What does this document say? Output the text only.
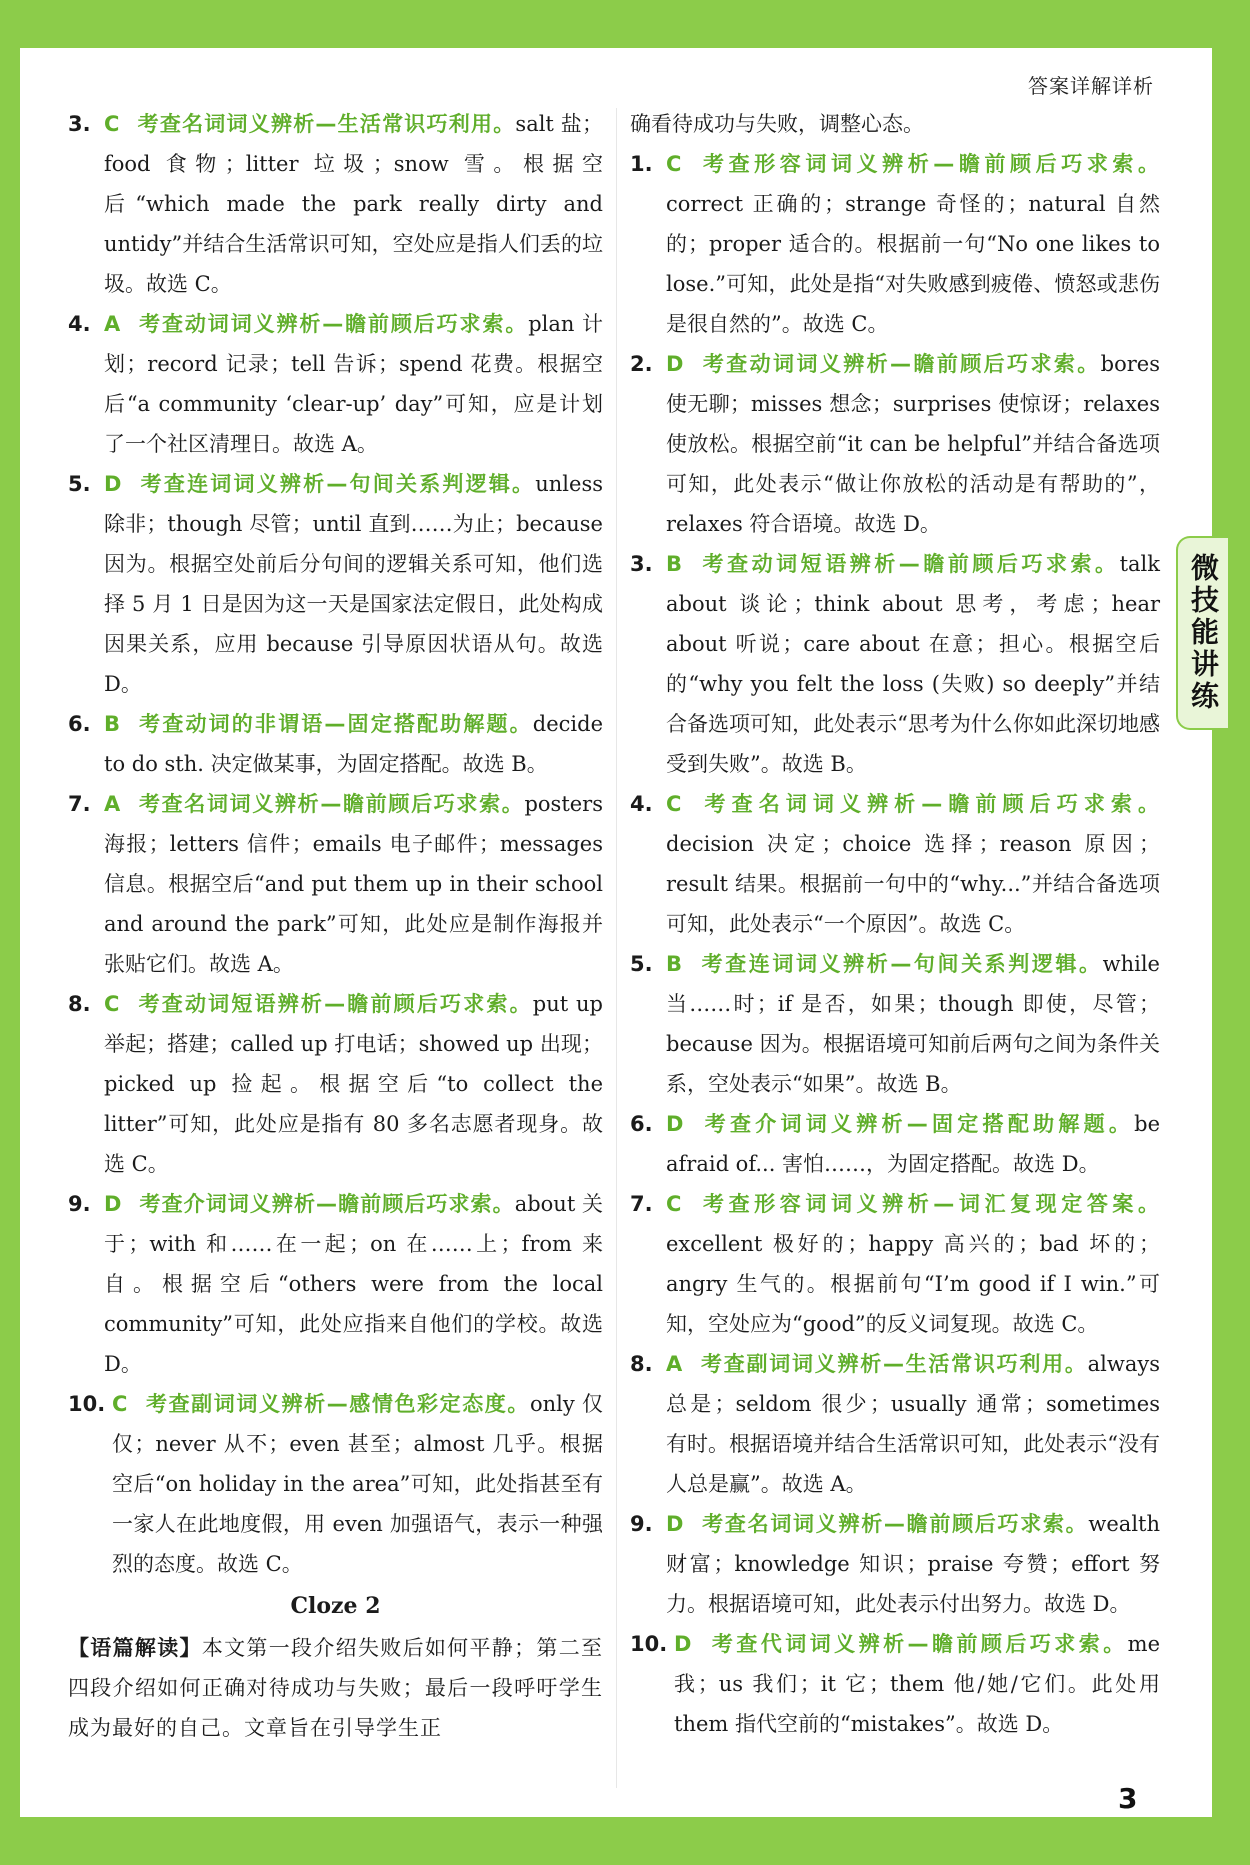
答案详解详析
微技能讲练
3. C 考查名词词义辨析—生活常识巧利用。salt 盐；food 食物；litter 垃圾；snow 雪。根据空后“which made the park really dirty and untidy”并结合生活常识可知，空处应是指人们丢的垃圾。故选 C。
4. A 考查动词词义辨析—瞻前顾后巧求索。plan 计划；record 记录；tell 告诉；spend 花费。根据空后“a community ‘clear-up’ day”可知，应是计划了一个社区清理日。故选 A。
5. D 考查连词词义辨析—句间关系判逻辑。unless 除非；though 尽管；until 直到……为止；because 因为。根据空处前后分句间的逻辑关系可知，他们选择 5 月 1 日是因为这一天是国家法定假日，此处构成因果关系，应用 because 引导原因状语从句。故选 D。
6. B 考查动词的非谓语—固定搭配助解题。decide to do sth. 决定做某事，为固定搭配。故选 B。
7. A 考查名词词义辨析—瞻前顾后巧求索。posters 海报；letters 信件；emails 电子邮件；messages 信息。根据空后“and put them up in their school and around the park”可知，此处应是制作海报并张贴它们。故选 A。
8. C 考查动词短语辨析—瞻前顾后巧求索。put up 举起；搭建；called up 打电话；showed up 出现；picked up 捡起。根据空后“to collect the litter”可知，此处应是指有 80 多名志愿者现身。故选 C。
9. D 考查介词词义辨析—瞻前顾后巧求索。about 关于；with 和……在一起；on 在……上；from 来自。根据空后“others were from the local community”可知，此处应指来自他们的学校。故选 D。
10. C 考查副词词义辨析—感情色彩定态度。only 仅仅；never 从不；even 甚至；almost 几乎。根据空后“on holiday in the area”可知，此处指甚至有一家人在此地度假，用 even 加强语气，表示一种强烈的态度。故选 C。

Cloze 2

【语篇解读】本文第一段介绍失败后如何平静；第二至四段介绍如何正确对待成功与失败；最后一段呼吁学生成为最好的自己。文章旨在引导学生正

确看待成功与失败，调整心态。

1. C 考查形容词词义辨析—瞻前顾后巧求索。correct 正确的；strange 奇怪的；natural 自然的；proper 适合的。根据前一句“No one likes to lose.”可知，此处是指“对失败感到疲倦、愤怒或悲伤是很自然的”。故选 C。
2. D 考查动词词义辨析—瞻前顾后巧求索。bores 使无聊；misses 想念；surprises 使惊讶；relaxes 使放松。根据空前“it can be helpful”并结合备选项可知，此处表示“做让你放松的活动是有帮助的”，relaxes 符合语境。故选 D。
3. B 考查动词短语辨析—瞻前顾后巧求索。talk about 谈论；think about 思考，考虑；hear about 听说；care about 在意；担心。根据空后的“why you felt the loss (失败) so deeply”并结合备选项可知，此处表示“思考为什么你如此深切地感受到失败”。故选 B。
4. C 考查名词词义辨析—瞻前顾后巧求索。decision 决定；choice 选择；reason 原因；result 结果。根据前一句中的“why...”并结合备选项可知，此处表示“一个原因”。故选 C。
5. B 考查连词词义辨析—句间关系判逻辑。while 当……时；if 是否，如果；though 即使，尽管；because 因为。根据语境可知前后两句之间为条件关系，空处表示“如果”。故选 B。
6. D 考查介词词义辨析—固定搭配助解题。be afraid of... 害怕……，为固定搭配。故选 D。
7. C 考查形容词词义辨析—词汇复现定答案。excellent 极好的；happy 高兴的；bad 坏的；angry 生气的。根据前句“I’m good if I win.”可知，空处应为“good”的反义词复现。故选 C。
8. A 考查副词词义辨析—生活常识巧利用。always 总是；seldom 很少；usually 通常；sometimes 有时。根据语境并结合生活常识可知，此处表示“没有人总是赢”。故选 A。
9. D 考查名词词义辨析—瞻前顾后巧求索。wealth 财富；knowledge 知识；praise 夸赞；effort 努力。根据语境可知，此处表示付出努力。故选 D。
10. D 考查代词词义辨析—瞻前顾后巧求索。me 我；us 我们；it 它；them 他/她/它们。此处用 them 指代空前的“mistakes”。故选 D。
3
